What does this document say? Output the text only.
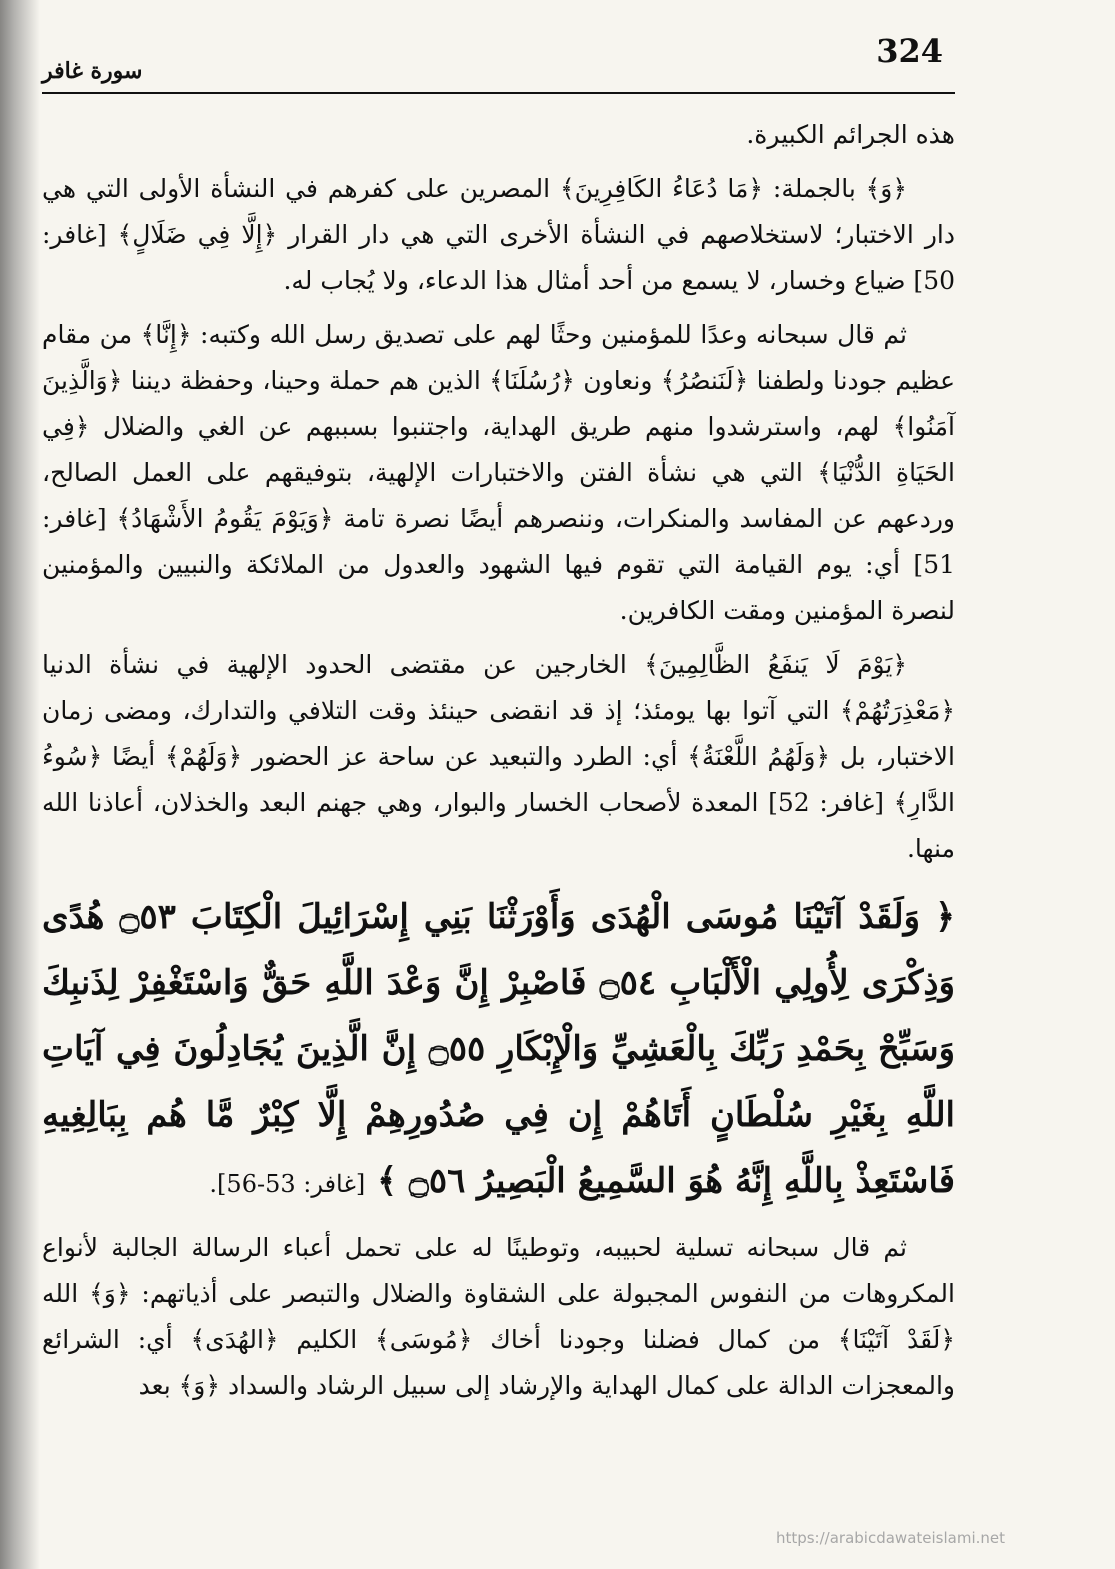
324
سورة غافر

هذه الجرائم الكبيرة.

﴿وَ﴾ بالجملة: ﴿مَا دُعَاءُ الكَافِرِينَ﴾ المصرين على كفرهم في النشأة الأولى التي هي دار الاختبار؛ لاستخلاصهم في النشأة الأخرى التي هي دار القرار ﴿إِلَّا فِي ضَلَالٍ﴾ [غافر: 50] ضياع وخسار، لا يسمع من أحد أمثال هذا الدعاء، ولا يُجاب له.

ثم قال سبحانه وعدًا للمؤمنين وحثًا لهم على تصديق رسل الله وكتبه: ﴿إِنَّا﴾ من مقام عظيم جودنا ولطفنا ﴿لَنَنصُرُ﴾ ونعاون ﴿رُسُلَنَا﴾ الذين هم حملة وحينا، وحفظة ديننا ﴿وَالَّذِينَ آمَنُوا﴾ لهم، واسترشدوا منهم طريق الهداية، واجتنبوا بسببهم عن الغي والضلال ﴿فِي الحَيَاةِ الدُّنْيَا﴾ التي هي نشأة الفتن والاختبارات الإلهية، بتوفيقهم على العمل الصالح، وردعهم عن المفاسد والمنكرات، وننصرهم أيضًا نصرة تامة ﴿وَيَوْمَ يَقُومُ الأَشْهَادُ﴾ [غافر: 51] أي: يوم القيامة التي تقوم فيها الشهود والعدول من الملائكة والنبيين والمؤمنين لنصرة المؤمنين ومقت الكافرين.

﴿يَوْمَ لَا يَنفَعُ الظَّالِمِينَ﴾ الخارجين عن مقتضى الحدود الإلهية في نشأة الدنيا ﴿مَعْذِرَتُهُمْ﴾ التي آتوا بها يومئذ؛ إذ قد انقضى حينئذ وقت التلافي والتدارك، ومضى زمان الاختبار، بل ﴿وَلَهُمُ اللَّعْنَةُ﴾ أي: الطرد والتبعيد عن ساحة عز الحضور ﴿وَلَهُمْ﴾ أيضًا ﴿سُوءُ الدَّارِ﴾ [غافر: 52] المعدة لأصحاب الخسار والبوار، وهي جهنم البعد والخذلان، أعاذنا الله منها.

﴿ وَلَقَدْ آتَيْنَا مُوسَى الْهُدَى وَأَوْرَثْنَا بَنِي إِسْرَائِيلَ الْكِتَابَ ۝٥٣ هُدًى وَذِكْرَى لِأُولِي الْأَلْبَابِ ۝٥٤ فَاصْبِرْ إِنَّ وَعْدَ اللَّهِ حَقٌّ وَاسْتَغْفِرْ لِذَنبِكَ وَسَبِّحْ بِحَمْدِ رَبِّكَ بِالْعَشِيِّ وَالْإِبْكَارِ ۝٥٥ إِنَّ الَّذِينَ يُجَادِلُونَ فِي آيَاتِ اللَّهِ بِغَيْرِ سُلْطَانٍ أَتَاهُمْ إِن فِي صُدُورِهِمْ إِلَّا كِبْرٌ مَّا هُم بِبَالِغِيهِ فَاسْتَعِذْ بِاللَّهِ إِنَّهُ هُوَ السَّمِيعُ الْبَصِيرُ ۝٥٦ ﴾ [غافر: 53-56].

ثم قال سبحانه تسلية لحبيبه، وتوطينًا له على تحمل أعباء الرسالة الجالبة لأنواع المكروهات من النفوس المجبولة على الشقاوة والضلال والتبصر على أذياتهم: ﴿وَ﴾ الله ﴿لَقَدْ آتَيْنَا﴾ من كمال فضلنا وجودنا أخاك ﴿مُوسَى﴾ الكليم ﴿الهُدَى﴾ أي: الشرائع والمعجزات الدالة على كمال الهداية والإرشاد إلى سبيل الرشاد والسداد ﴿وَ﴾ بعد

https://arabicdawateislami.net
